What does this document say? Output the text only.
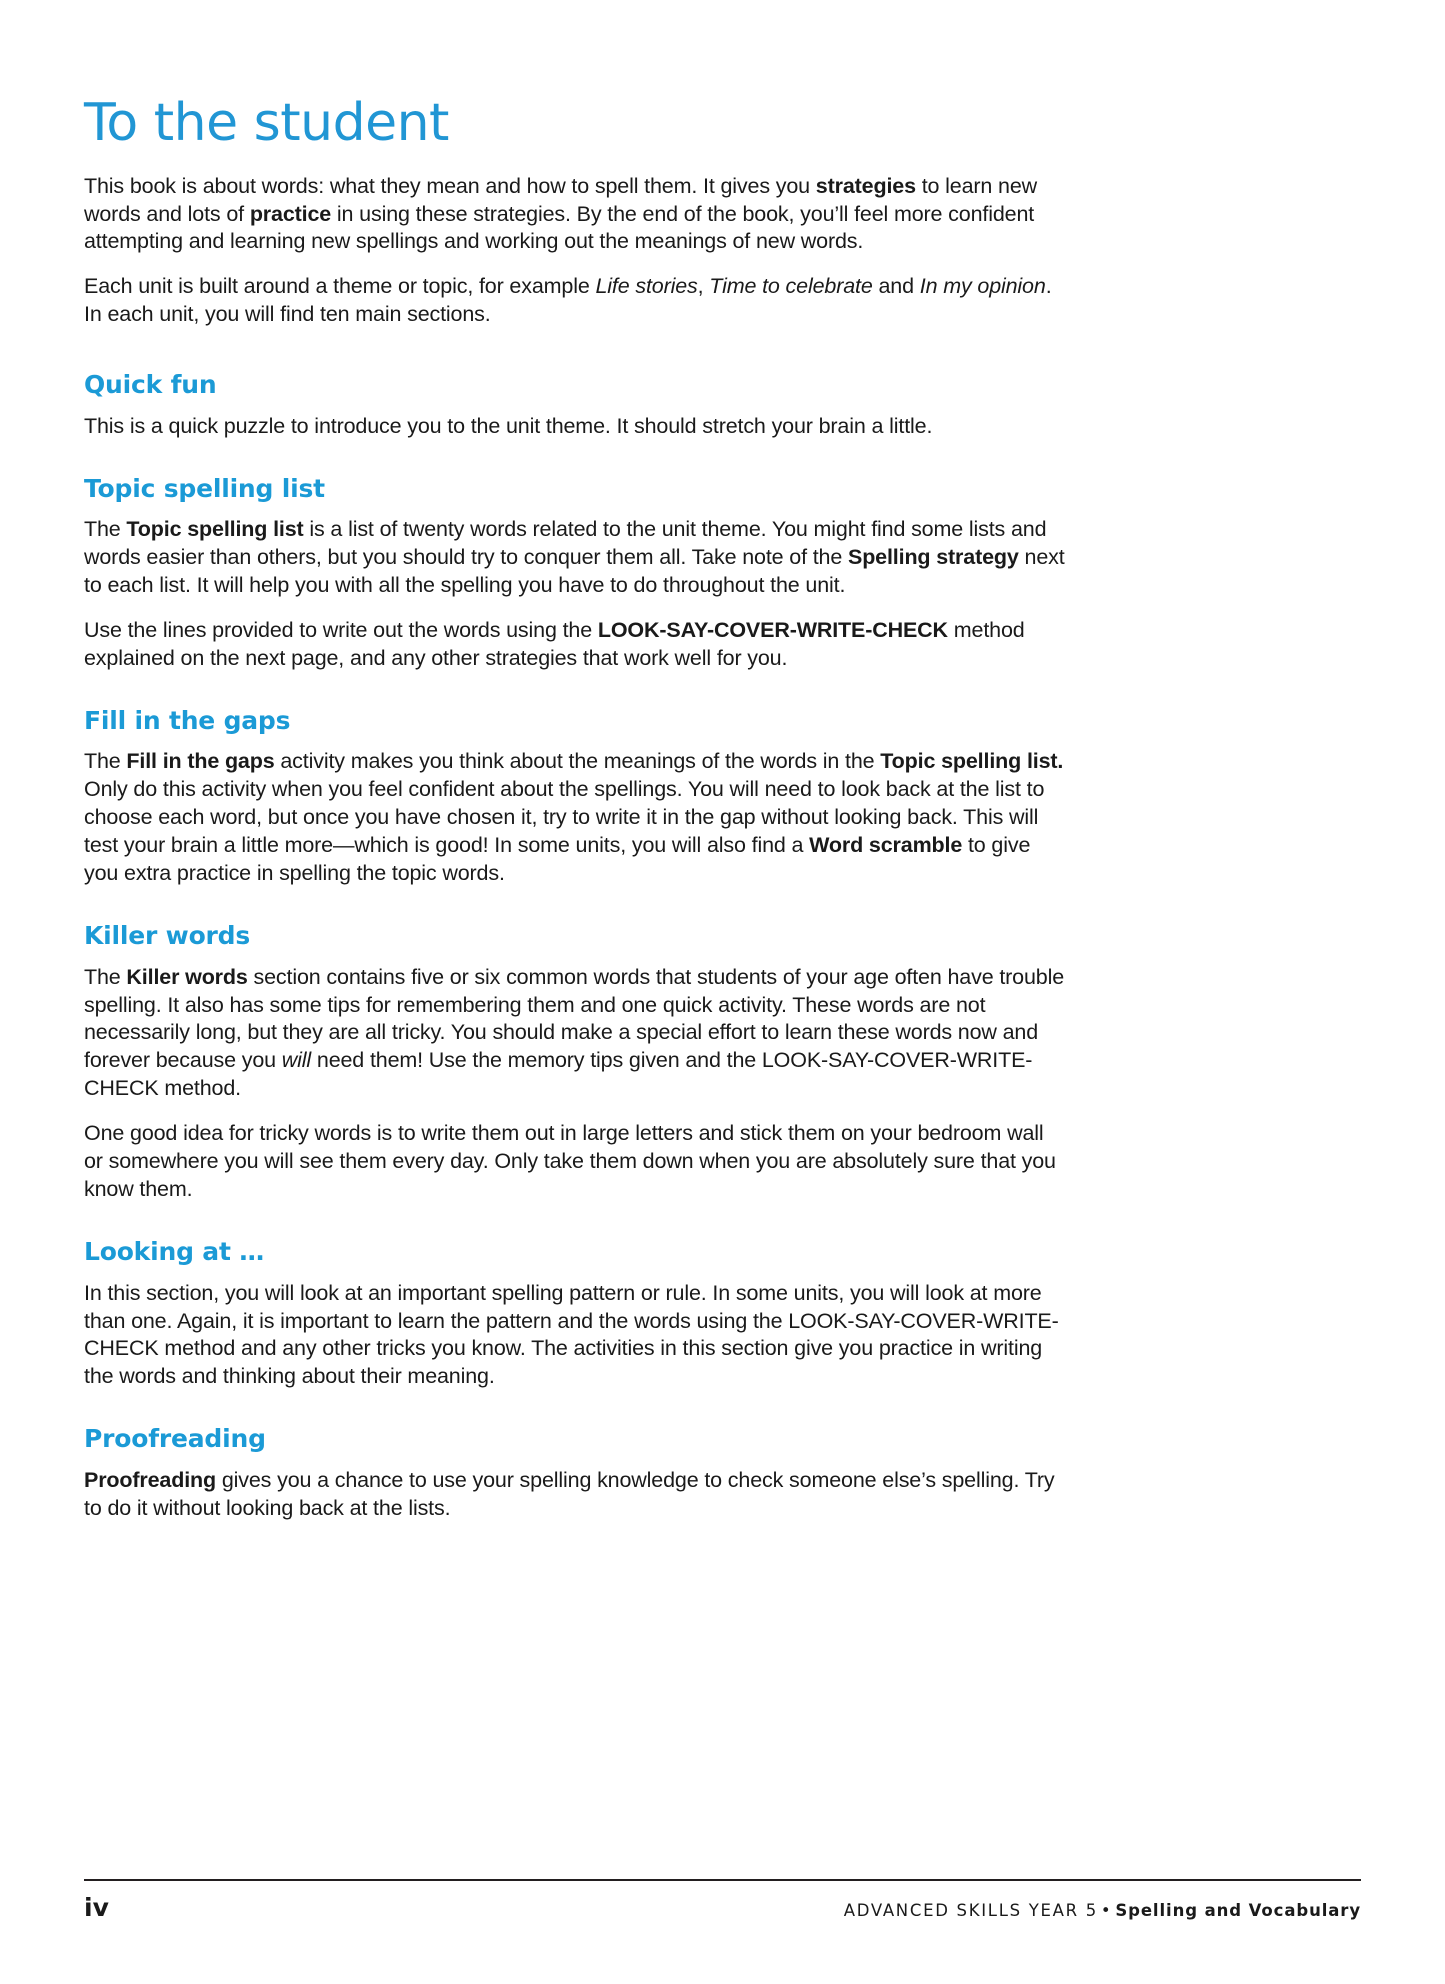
To the student

This book is about words: what they mean and how to spell them. It gives you strategies to learn new words and lots of practice in using these strategies. By the end of the book, you’ll feel more confident attempting and learning new spellings and working out the meanings of new words.

Each unit is built around a theme or topic, for example Life stories, Time to celebrate and In my opinion. In each unit, you will find ten main sections.

Quick fun

This is a quick puzzle to introduce you to the unit theme. It should stretch your brain a little.

Topic spelling list

The Topic spelling list is a list of twenty words related to the unit theme. You might find some lists and words easier than others, but you should try to conquer them all. Take note of the Spelling strategy next to each list. It will help you with all the spelling you have to do throughout the unit.

Use the lines provided to write out the words using the LOOK-SAY-COVER-WRITE-CHECK method explained on the next page, and any other strategies that work well for you.

Fill in the gaps

The Fill in the gaps activity makes you think about the meanings of the words in the Topic spelling list. Only do this activity when you feel confident about the spellings. You will need to look back at the list to choose each word, but once you have chosen it, try to write it in the gap without looking back. This will test your brain a little more—which is good! In some units, you will also find a Word scramble to give you extra practice in spelling the topic words.

Killer words

The Killer words section contains five or six common words that students of your age often have trouble spelling. It also has some tips for remembering them and one quick activity. These words are not necessarily long, but they are all tricky. You should make a special effort to learn these words now and forever because you will need them! Use the memory tips given and the LOOK-SAY-COVER-WRITE-CHECK method.

One good idea for tricky words is to write them out in large letters and stick them on your bedroom wall or somewhere you will see them every day. Only take them down when you are absolutely sure that you know them.

Looking at …

In this section, you will look at an important spelling pattern or rule. In some units, you will look at more than one. Again, it is important to learn the pattern and the words using the LOOK-SAY-COVER-WRITE-CHECK method and any other tricks you know. The activities in this section give you practice in writing the words and thinking about their meaning.

Proofreading

Proofreading gives you a chance to use your spelling knowledge to check someone else’s spelling. Try to do it without looking back at the lists.

iv	ADVANCED SKILLS YEAR 5 • Spelling and Vocabulary
